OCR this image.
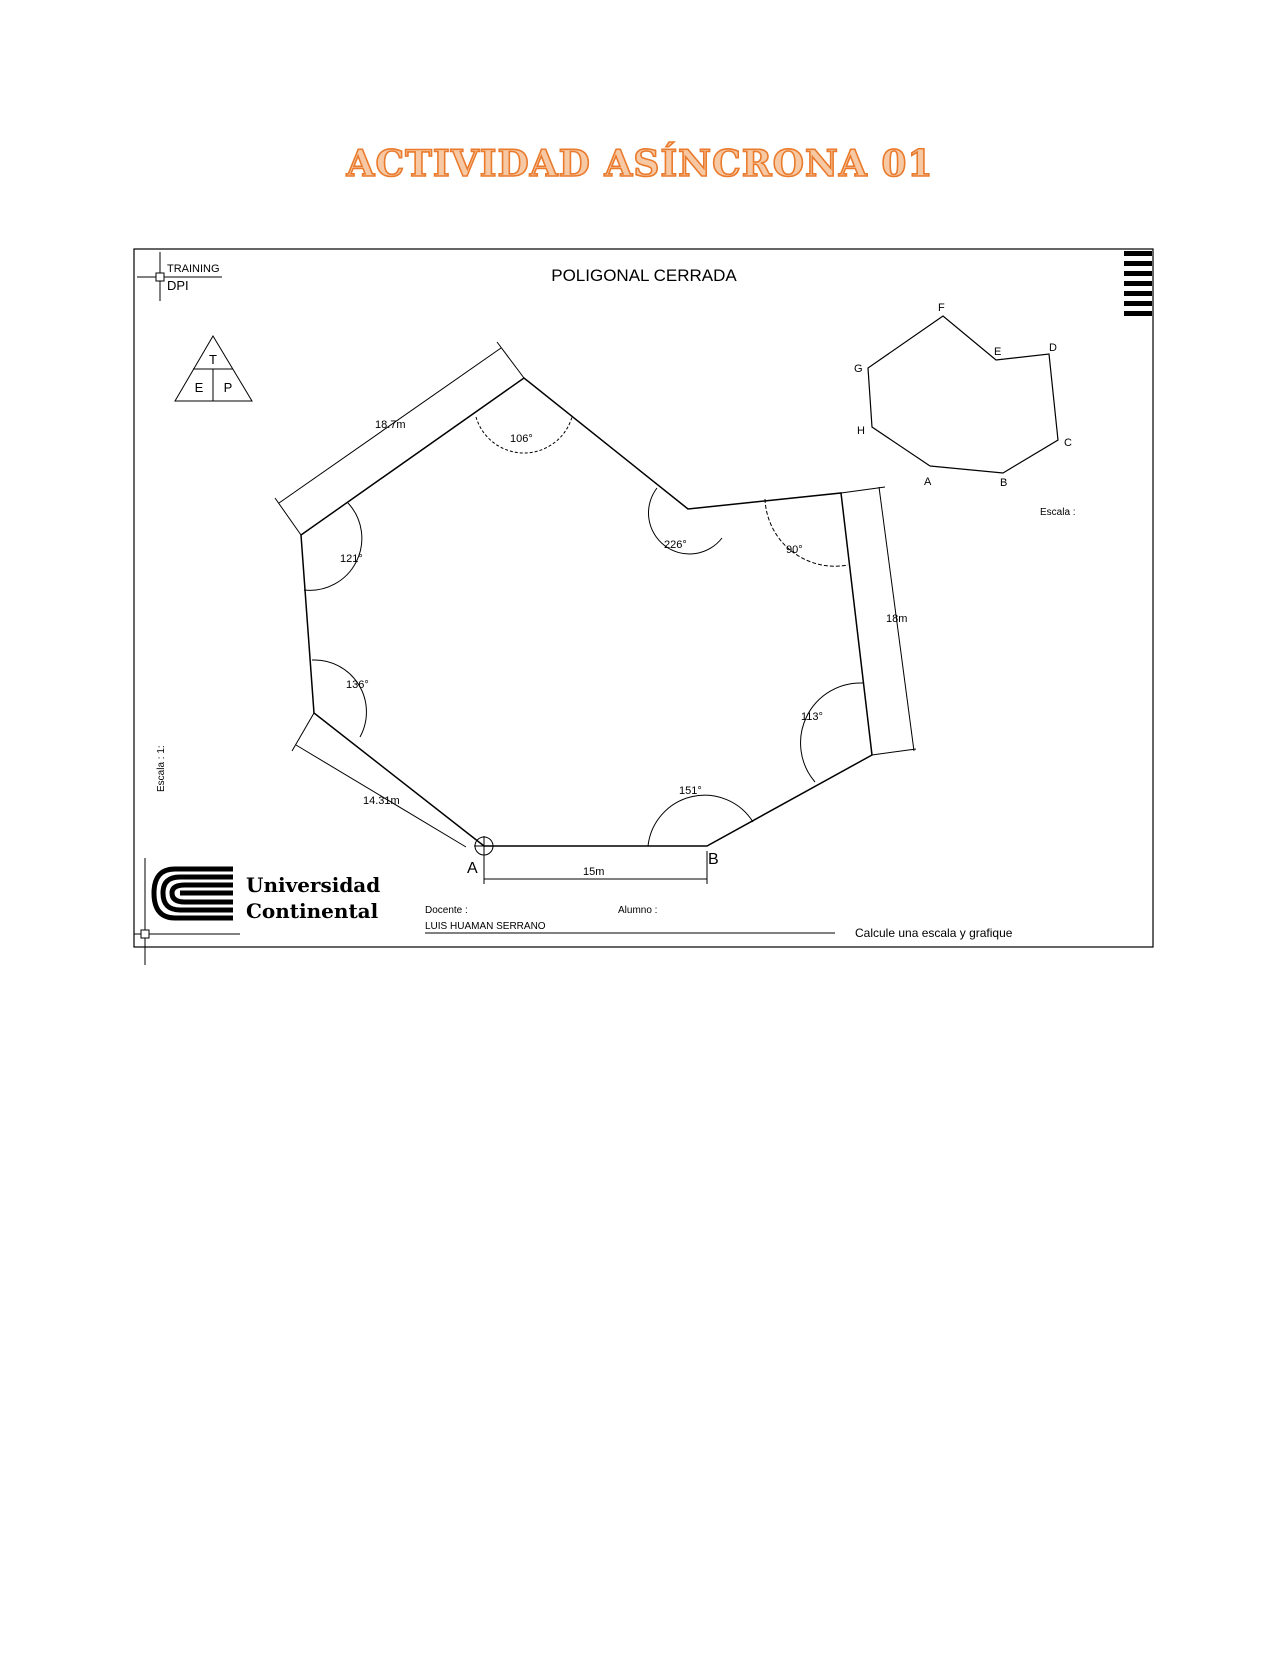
ACTIVIDAD ASÍNCRONA 01
TRAINING
DPI
POLIGONAL CERRADA
T
E P
A
B
15m
14.31m
18.7m
18m
106°
121°
136°
226°	90°
113°
151°
A	B
C
D
E
F
G
H
Escala :
Escala : 1:
Universidad
Continental	Docente :	Alumno :
LUIS HUAMAN SERRANO	Calcule una escala y grafique
